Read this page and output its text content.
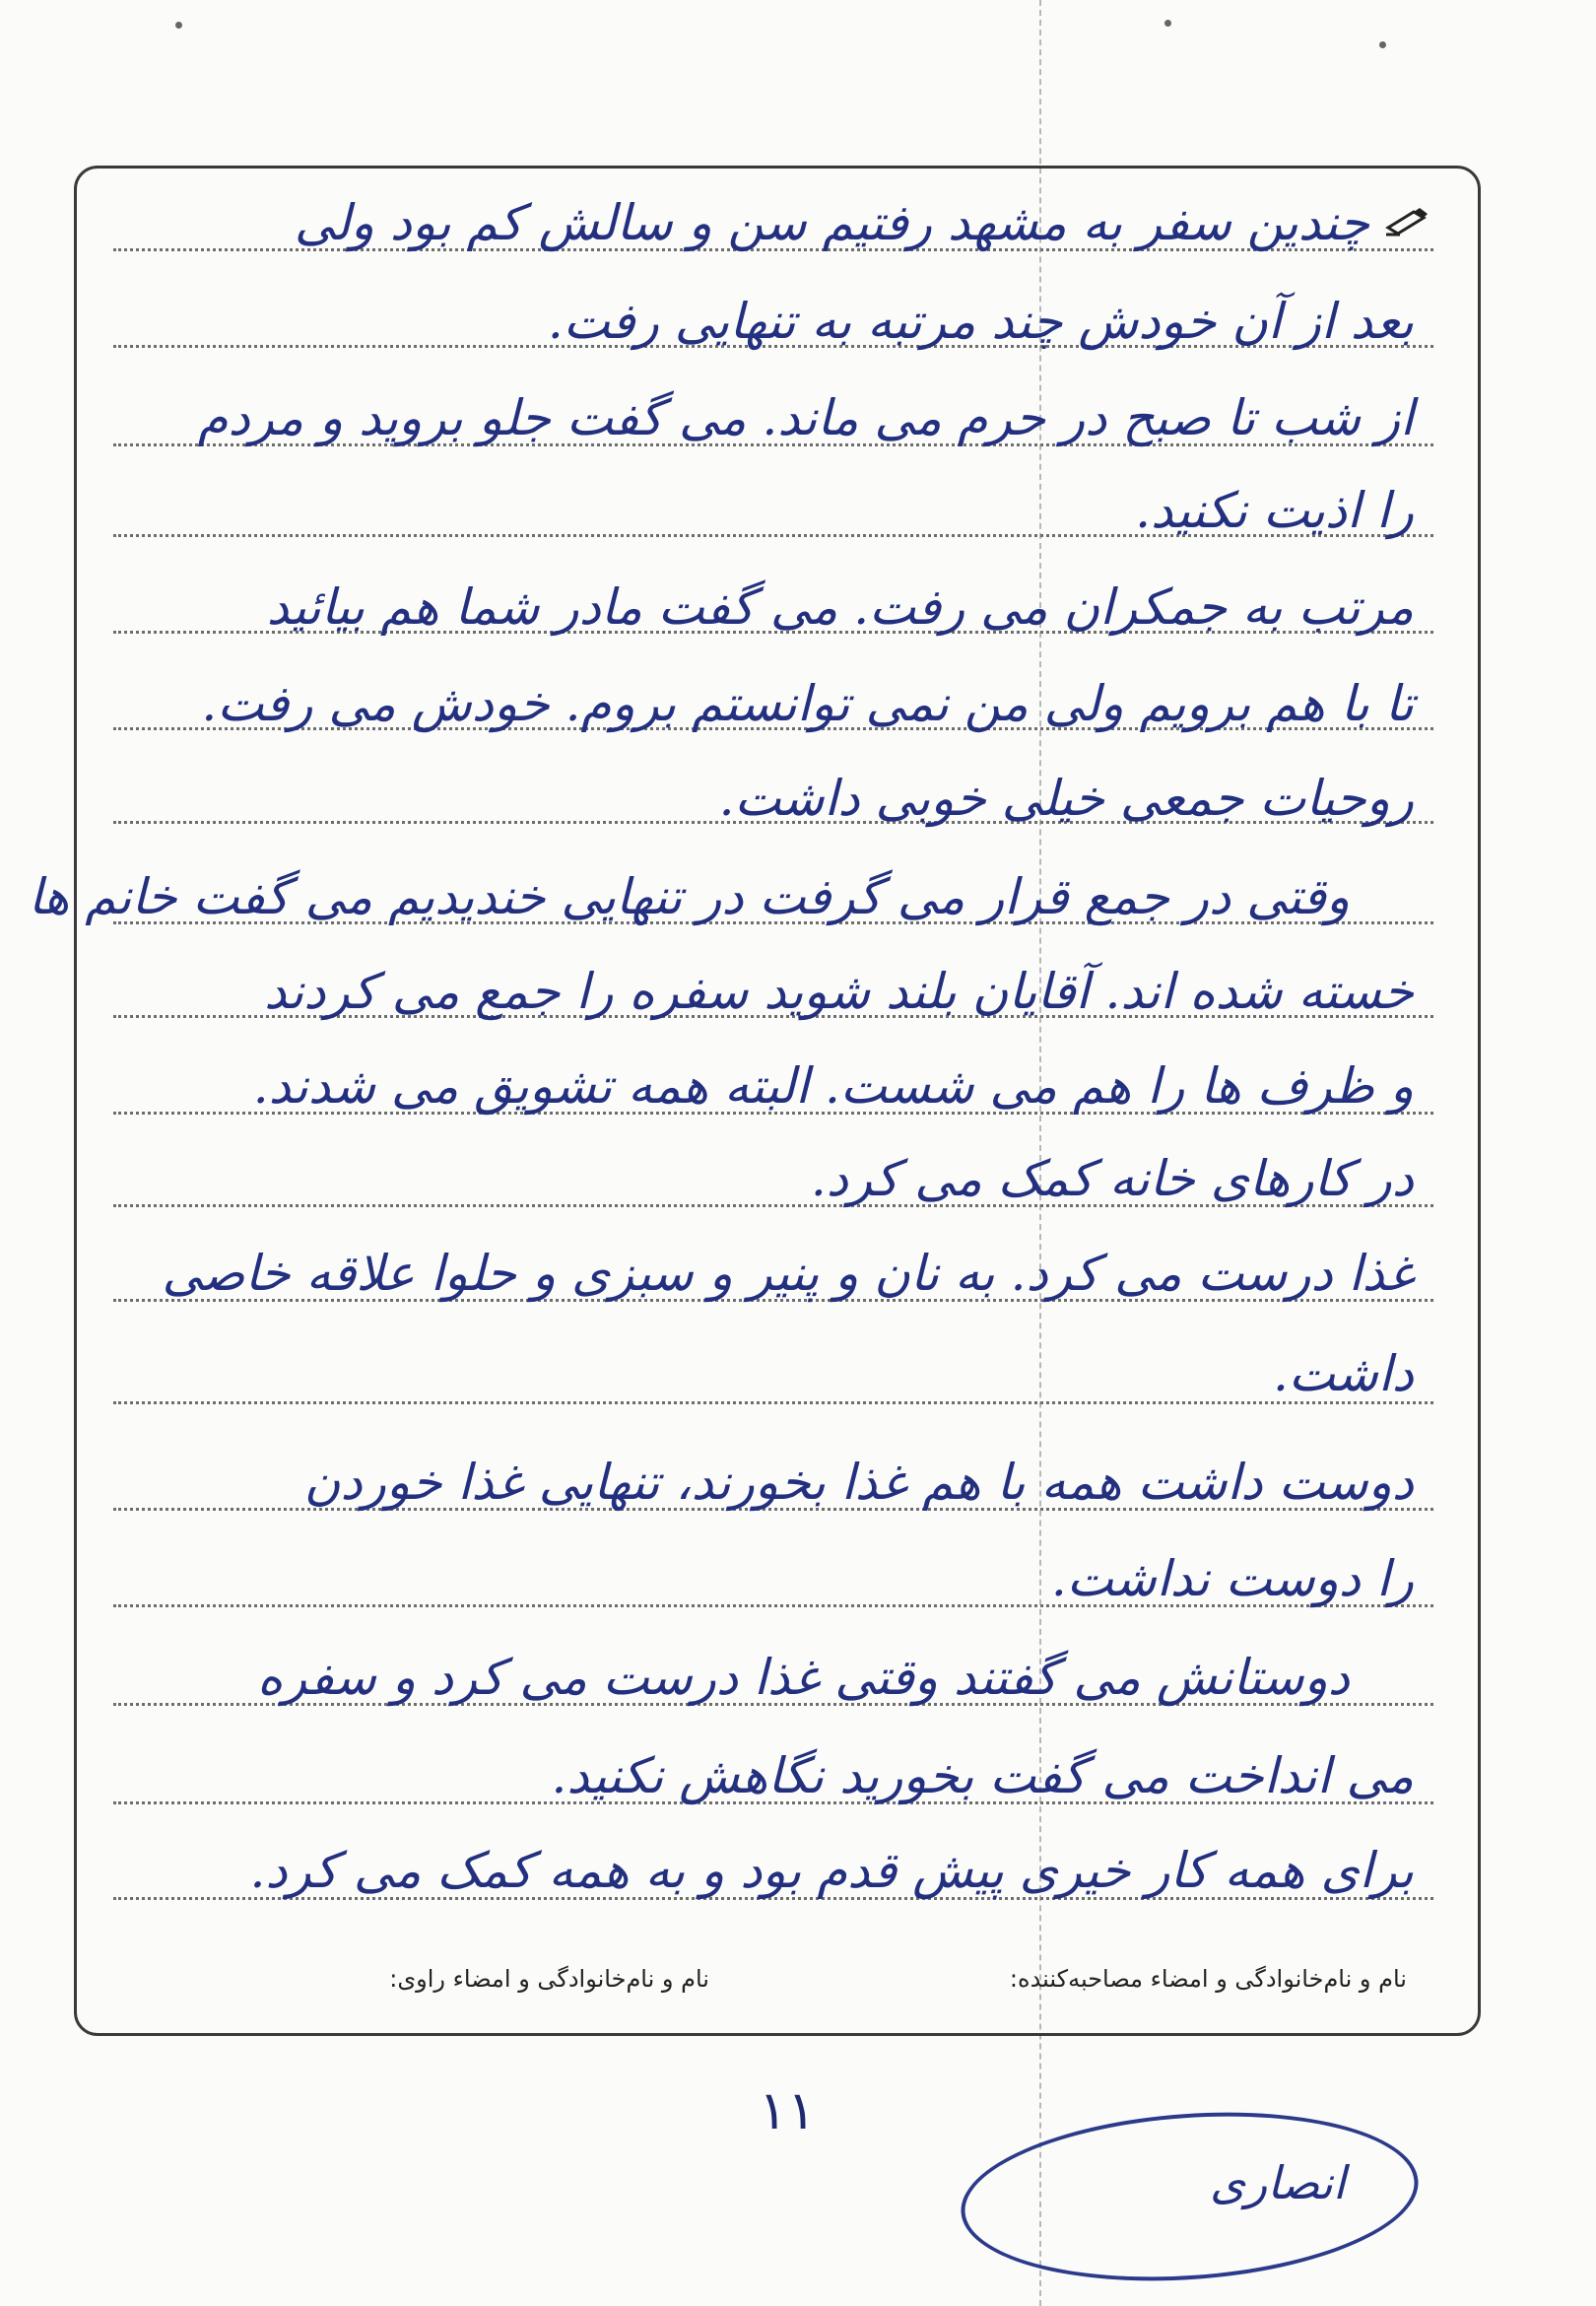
چندین سفر به مشهد رفتیم سن و سالش کم بود ولی
بعد از آن خودش چند مرتبه به تنهایی رفت.
از شب تا صبح در حرم می ماند. می گفت جلو بروید و مردم
را اذیت نکنید.
مرتب به جمکران می رفت. می گفت مادر شما هم بیائید
تا با هم برویم ولی من نمی توانستم بروم. خودش می رفت.
روحیات جمعی خیلی خوبی داشت.
وقتی در جمع قرار می گرفت در تنهایی خندیدیم می گفت خانم ها
خسته شده اند. آقایان بلند شوید سفره را جمع می کردند
و ظرف ها را هم می شست. البته همه تشویق می شدند.
در کارهای خانه کمک می کرد.
غذا درست می کرد. به نان و پنیر و سبزی و حلوا علاقه خاصی
داشت.
دوست داشت همه با هم غذا بخورند، تنهایی غذا خوردن
را دوست نداشت.
دوستانش می گفتند وقتی غذا درست می کرد و سفره
می انداخت می گفت بخورید نگاهش نکنید.
برای همه کار خیری پیش قدم بود و به همه کمک می کرد.
نام و نام‌خانوادگی و امضاء مصاحبه‌کننده:
نام و نام‌خانوادگی و امضاء راوی:
۱۱
انصاری
